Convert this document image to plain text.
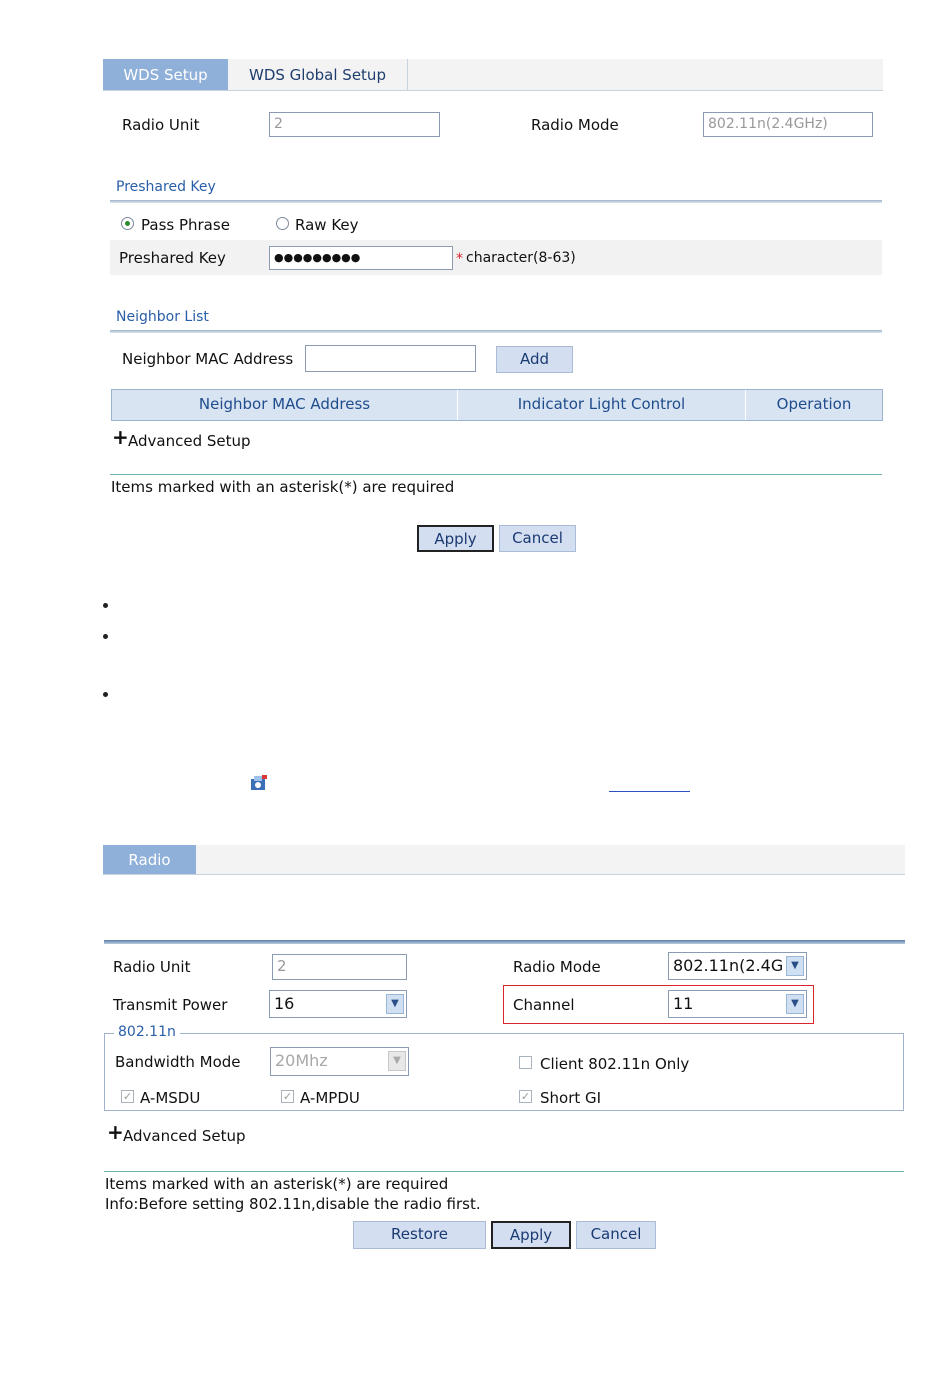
WDS Setup	WDS Global Setup
Radio Unit	2	Radio Mode	802.11n(2.4GHz)
Preshared Key
Pass Phrase	Raw Key
Preshared Key	●●●●●●●●●	* character(8-63)
Neighbor List
Neighbor MAC Address	Add
Neighbor MAC Address	Indicator Light Control	Operation
+ Advanced Setup
Items marked with an asterisk(*) are required
Apply	Cancel
Radio
Radio Unit	2	Radio Mode	802.11n(2.4G ▼
Transmit Power	16	▼	Channel	11	▼
802.11n
Bandwidth Mode	20Mhz	▼	Client 802.11n Only
✓ A-MSDU	✓ A-MPDU	✓ Short GI
+ Advanced Setup
Items marked with an asterisk(*) are required
Info:Before setting 802.11n,disable the radio first.
Restore	Apply	Cancel
